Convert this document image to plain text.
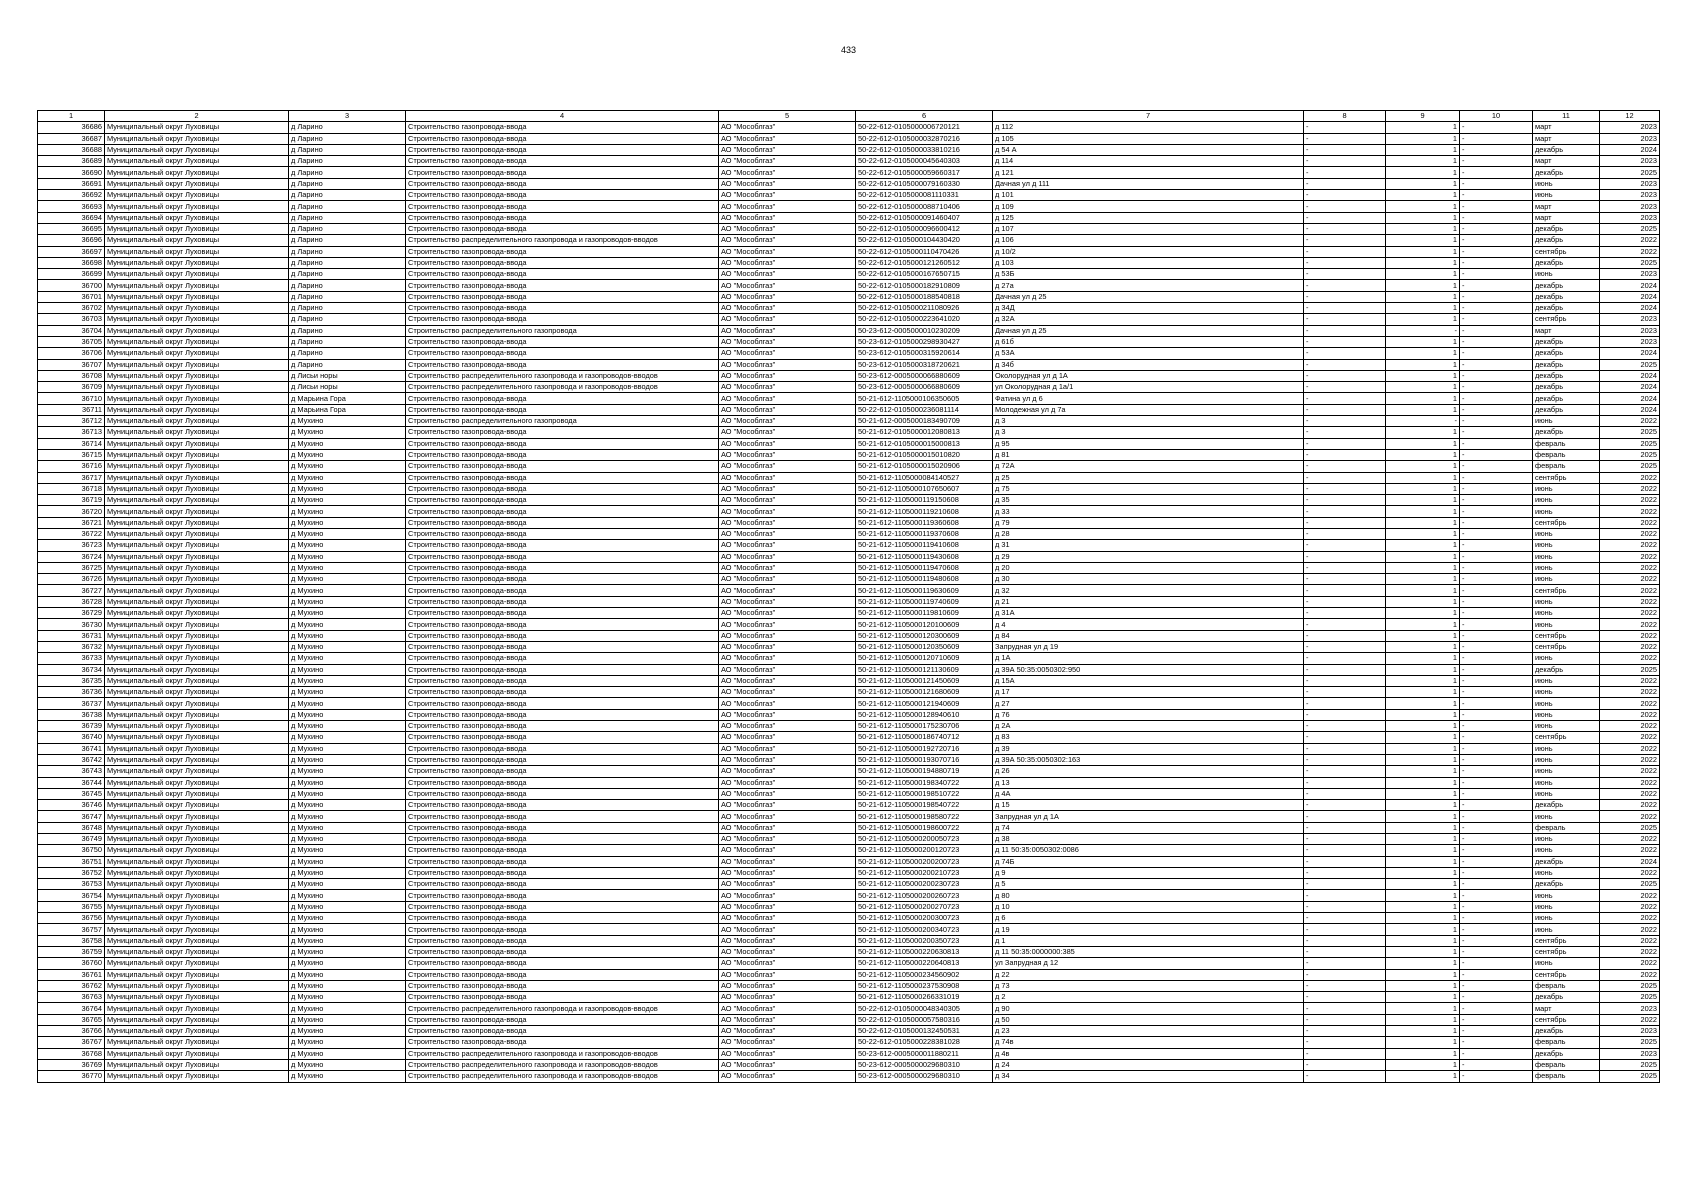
433
1	2	3	4	5	6	7	8	9	10	11	12
36686	Муниципальный округ Луховицы	д Ларино	Строительство газопровода-ввода	АО "Мособлгаз"	50-22-612-0105000006720121	д 112	-	1	-	март	2023
36687	Муниципальный округ Луховицы	д Ларино	Строительство газопровода-ввода	АО "Мособлгаз"	50-22-612-0105000032870216	д 105	-	1	-	март	2023
36688	Муниципальный округ Луховицы	д Ларино	Строительство газопровода-ввода	АО "Мособлгаз"	50-22-612-0105000033810216	д 54 А	-	1	-	декабрь	2024
36689	Муниципальный округ Луховицы	д Ларино	Строительство газопровода-ввода	АО "Мособлгаз"	50-22-612-0105000045640303	д 114	-	1	-	март	2023
36690	Муниципальный округ Луховицы	д Ларино	Строительство газопровода-ввода	АО "Мособлгаз"	50-22-612-0105000059660317	д 121	-	1	-	декабрь	2025
36691	Муниципальный округ Луховицы	д Ларино	Строительство газопровода-ввода	АО "Мособлгаз"	50-22-612-0105000079160330	Дачная ул д 111	-	1	-	июнь	2023
36692	Муниципальный округ Луховицы	д Ларино	Строительство газопровода-ввода	АО "Мособлгаз"	50-22-612-0105000081110331	д 101	-	1	-	июнь	2023
36693	Муниципальный округ Луховицы	д Ларино	Строительство газопровода-ввода	АО "Мособлгаз"	50-22-612-0105000088710406	д 109	-	1	-	март	2023
36694	Муниципальный округ Луховицы	д Ларино	Строительство газопровода-ввода	АО "Мособлгаз"	50-22-612-0105000091460407	д 125	-	1	-	март	2023
36695	Муниципальный округ Луховицы	д Ларино	Строительство газопровода-ввода	АО "Мособлгаз"	50-22-612-0105000096600412	д 107	-	1	-	декабрь	2025
36696	Муниципальный округ Луховицы	д Ларино	Строительство распределительного газопровода и газопроводов-вводов	АО "Мособлгаз"	50-22-612-0105000104430420	д 106	-	1	-	декабрь	2022
36697	Муниципальный округ Луховицы	д Ларино	Строительство газопровода-ввода	АО "Мособлгаз"	50-22-612-0105000110470426	д 10/2	-	1	-	сентябрь	2022
36698	Муниципальный округ Луховицы	д Ларино	Строительство газопровода-ввода	АО "Мособлгаз"	50-22-612-0105000121260512	д 103	-	1	-	декабрь	2025
36699	Муниципальный округ Луховицы	д Ларино	Строительство газопровода-ввода	АО "Мособлгаз"	50-22-612-0105000167650715	д 53Б	-	1	-	июнь	2023
36700	Муниципальный округ Луховицы	д Ларино	Строительство газопровода-ввода	АО "Мособлгаз"	50-22-612-0105000182910809	д 27а	-	1	-	декабрь	2024
36701	Муниципальный округ Луховицы	д Ларино	Строительство газопровода-ввода	АО "Мособлгаз"	50-22-612-0105000188540818	Дачная ул д 25	-	1	-	декабрь	2024
36702	Муниципальный округ Луховицы	д Ларино	Строительство газопровода-ввода	АО "Мособлгаз"	50-22-612-0105000211080926	д 34Д	-	1	-	декабрь	2024
36703	Муниципальный округ Луховицы	д Ларино	Строительство газопровода-ввода	АО "Мособлгаз"	50-22-612-0105000223641020	д 32А	-	1	-	сентябрь	2023
36704	Муниципальный округ Луховицы	д Ларино	Строительство распределительного газопровода	АО "Мособлгаз"	50-23-612-0005000010230209	Дачная ул д 25	-	-	-	март	2023
36705	Муниципальный округ Луховицы	д Ларино	Строительство газопровода-ввода	АО "Мособлгаз"	50-23-612-0105000298930427	д 61б	-	1	-	декабрь	2023
36706	Муниципальный округ Луховицы	д Ларино	Строительство газопровода-ввода	АО "Мособлгаз"	50-23-612-0105000315920614	д 53А	-	1	-	декабрь	2024
36707	Муниципальный округ Луховицы	д Ларино	Строительство газопровода-ввода	АО "Мособлгаз"	50-23-612-0105000318720621	д 34б	-	1	-	декабрь	2025
36708	Муниципальный округ Луховицы	д Лисьи норы	Строительство распределительного газопровода и газопроводов-вводов	АО "Мособлгаз"	50-23-612-0005000066880609	Околорудная ул д 1А	-	1	-	декабрь	2024
36709	Муниципальный округ Луховицы	д Лисьи норы	Строительство распределительного газопровода и газопроводов-вводов	АО "Мособлгаз"	50-23-612-0005000066880609	ул Околорудная д 1а/1	-	1	-	декабрь	2024
36710	Муниципальный округ Луховицы	д Марьина Гора	Строительство газопровода-ввода	АО "Мособлгаз"	50-21-612-1105000106350605	Фатина ул д 6	-	1	-	декабрь	2024
36711	Муниципальный округ Луховицы	д Марьина Гора	Строительство газопровода-ввода	АО "Мособлгаз"	50-22-612-0105000236081114	Молодежная ул д 7а	-	1	-	декабрь	2024
36712	Муниципальный округ Луховицы	д Мухино	Строительство распределительного газопровода	АО "Мособлгаз"	50-21-612-0005000183490709	д 3	-	-	-	июнь	2022
36713	Муниципальный округ Луховицы	д Мухино	Строительство газопровода-ввода	АО "Мособлгаз"	50-21-612-0105000012080813	д 3	-	1	-	декабрь	2025
36714	Муниципальный округ Луховицы	д Мухино	Строительство газопровода-ввода	АО "Мособлгаз"	50-21-612-0105000015000813	д 95	-	1	-	февраль	2025
36715	Муниципальный округ Луховицы	д Мухино	Строительство газопровода-ввода	АО "Мособлгаз"	50-21-612-0105000015010820	д 81	-	1	-	февраль	2025
36716	Муниципальный округ Луховицы	д Мухино	Строительство газопровода-ввода	АО "Мособлгаз"	50-21-612-0105000015020906	д 72А	-	1	-	февраль	2025
36717	Муниципальный округ Луховицы	д Мухино	Строительство газопровода-ввода	АО "Мособлгаз"	50-21-612-1105000084140527	д 25	-	1	-	сентябрь	2022
36718	Муниципальный округ Луховицы	д Мухино	Строительство газопровода-ввода	АО "Мособлгаз"	50-21-612-1105000107650607	д 75	-	1	-	июнь	2022
36719	Муниципальный округ Луховицы	д Мухино	Строительство газопровода-ввода	АО "Мособлгаз"	50-21-612-1105000119150608	д 35	-	1	-	июнь	2022
36720	Муниципальный округ Луховицы	д Мухино	Строительство газопровода-ввода	АО "Мособлгаз"	50-21-612-1105000119210608	д 33	-	1	-	июнь	2022
36721	Муниципальный округ Луховицы	д Мухино	Строительство газопровода-ввода	АО "Мособлгаз"	50-21-612-1105000119360608	д 79	-	1	-	сентябрь	2022
36722	Муниципальный округ Луховицы	д Мухино	Строительство газопровода-ввода	АО "Мособлгаз"	50-21-612-1105000119370608	д 28	-	1	-	июнь	2022
36723	Муниципальный округ Луховицы	д Мухино	Строительство газопровода-ввода	АО "Мособлгаз"	50-21-612-1105000119410608	д 31	-	1	-	июнь	2022
36724	Муниципальный округ Луховицы	д Мухино	Строительство газопровода-ввода	АО "Мособлгаз"	50-21-612-1105000119430608	д 29	-	1	-	июнь	2022
36725	Муниципальный округ Луховицы	д Мухино	Строительство газопровода-ввода	АО "Мособлгаз"	50-21-612-1105000119470608	д 20	-	1	-	июнь	2022
36726	Муниципальный округ Луховицы	д Мухино	Строительство газопровода-ввода	АО "Мособлгаз"	50-21-612-1105000119480608	д 30	-	1	-	июнь	2022
36727	Муниципальный округ Луховицы	д Мухино	Строительство газопровода-ввода	АО "Мособлгаз"	50-21-612-1105000119630609	д 32	-	1	-	сентябрь	2022
36728	Муниципальный округ Луховицы	д Мухино	Строительство газопровода-ввода	АО "Мособлгаз"	50-21-612-1105000119740609	д 21	-	1	-	июнь	2022
36729	Муниципальный округ Луховицы	д Мухино	Строительство газопровода-ввода	АО "Мособлгаз"	50-21-612-1105000119810609	д 31А	-	1	-	июнь	2022
36730	Муниципальный округ Луховицы	д Мухино	Строительство газопровода-ввода	АО "Мособлгаз"	50-21-612-1105000120100609	д 4	-	1	-	июнь	2022
36731	Муниципальный округ Луховицы	д Мухино	Строительство газопровода-ввода	АО "Мособлгаз"	50-21-612-1105000120300609	д 84	-	1	-	сентябрь	2022
36732	Муниципальный округ Луховицы	д Мухино	Строительство газопровода-ввода	АО "Мособлгаз"	50-21-612-1105000120350609	Запрудная ул д 19	-	1	-	сентябрь	2022
36733	Муниципальный округ Луховицы	д Мухино	Строительство газопровода-ввода	АО "Мособлгаз"	50-21-612-1105000120710609	д 1А	-	1	-	июнь	2022
36734	Муниципальный округ Луховицы	д Мухино	Строительство газопровода-ввода	АО "Мособлгаз"	50-21-612-1105000121130609	д 39А 50:35:0050302:950	-	1	-	декабрь	2025
36735	Муниципальный округ Луховицы	д Мухино	Строительство газопровода-ввода	АО "Мособлгаз"	50-21-612-1105000121450609	д 15А	-	1	-	июнь	2022
36736	Муниципальный округ Луховицы	д Мухино	Строительство газопровода-ввода	АО "Мособлгаз"	50-21-612-1105000121680609	д 17	-	1	-	июнь	2022
36737	Муниципальный округ Луховицы	д Мухино	Строительство газопровода-ввода	АО "Мособлгаз"	50-21-612-1105000121940609	д 27	-	1	-	июнь	2022
36738	Муниципальный округ Луховицы	д Мухино	Строительство газопровода-ввода	АО "Мособлгаз"	50-21-612-1105000128940610	д 76	-	1	-	июнь	2022
36739	Муниципальный округ Луховицы	д Мухино	Строительство газопровода-ввода	АО "Мособлгаз"	50-21-612-1105000175230706	д 2А	-	1	-	июнь	2022
36740	Муниципальный округ Луховицы	д Мухино	Строительство газопровода-ввода	АО "Мособлгаз"	50-21-612-1105000186740712	д 83	-	1	-	сентябрь	2022
36741	Муниципальный округ Луховицы	д Мухино	Строительство газопровода-ввода	АО "Мособлгаз"	50-21-612-1105000192720716	д 39	-	1	-	июнь	2022
36742	Муниципальный округ Луховицы	д Мухино	Строительство газопровода-ввода	АО "Мособлгаз"	50-21-612-1105000193070716	д 39А 50:35:0050302:163	-	1	-	июнь	2022
36743	Муниципальный округ Луховицы	д Мухино	Строительство газопровода-ввода	АО "Мособлгаз"	50-21-612-1105000194880719	д 26	-	1	-	июнь	2022
36744	Муниципальный округ Луховицы	д Мухино	Строительство газопровода-ввода	АО "Мособлгаз"	50-21-612-1105000198340722	д 13	-	1	-	июнь	2022
36745	Муниципальный округ Луховицы	д Мухино	Строительство газопровода-ввода	АО "Мособлгаз"	50-21-612-1105000198510722	д 4А	-	1	-	июнь	2022
36746	Муниципальный округ Луховицы	д Мухино	Строительство газопровода-ввода	АО "Мособлгаз"	50-21-612-1105000198540722	д 15	-	1	-	декабрь	2022
36747	Муниципальный округ Луховицы	д Мухино	Строительство газопровода-ввода	АО "Мособлгаз"	50-21-612-1105000198580722	Запрудная ул д 1А	-	1	-	июнь	2022
36748	Муниципальный округ Луховицы	д Мухино	Строительство газопровода-ввода	АО "Мособлгаз"	50-21-612-1105000198600722	д 74	-	1	-	февраль	2025
36749	Муниципальный округ Луховицы	д Мухино	Строительство газопровода-ввода	АО "Мособлгаз"	50-21-612-1105000200050723	д 38	-	1	-	июнь	2022
36750	Муниципальный округ Луховицы	д Мухино	Строительство газопровода-ввода	АО "Мособлгаз"	50-21-612-1105000200120723	д 11 50:35:0050302:0086	-	1	-	июнь	2022
36751	Муниципальный округ Луховицы	д Мухино	Строительство газопровода-ввода	АО "Мособлгаз"	50-21-612-1105000200200723	д 74Б	-	1	-	декабрь	2024
36752	Муниципальный округ Луховицы	д Мухино	Строительство газопровода-ввода	АО "Мособлгаз"	50-21-612-1105000200210723	д 9	-	1	-	июнь	2022
36753	Муниципальный округ Луховицы	д Мухино	Строительство газопровода-ввода	АО "Мособлгаз"	50-21-612-1105000200230723	д 5	-	1	-	декабрь	2025
36754	Муниципальный округ Луховицы	д Мухино	Строительство газопровода-ввода	АО "Мособлгаз"	50-21-612-1105000200260723	д 80	-	1	-	июнь	2022
36755	Муниципальный округ Луховицы	д Мухино	Строительство газопровода-ввода	АО "Мособлгаз"	50-21-612-1105000200270723	д 10	-	1	-	июнь	2022
36756	Муниципальный округ Луховицы	д Мухино	Строительство газопровода-ввода	АО "Мособлгаз"	50-21-612-1105000200300723	д 6	-	1	-	июнь	2022
36757	Муниципальный округ Луховицы	д Мухино	Строительство газопровода-ввода	АО "Мособлгаз"	50-21-612-1105000200340723	д 19	-	1	-	июнь	2022
36758	Муниципальный округ Луховицы	д Мухино	Строительство газопровода-ввода	АО "Мособлгаз"	50-21-612-1105000200350723	д 1	-	1	-	сентябрь	2022
36759	Муниципальный округ Луховицы	д Мухино	Строительство газопровода-ввода	АО "Мособлгаз"	50-21-612-1105000220630813	д 11 50:35:0000000:385	-	1	-	сентябрь	2022
36760	Муниципальный округ Луховицы	д Мухино	Строительство газопровода-ввода	АО "Мособлгаз"	50-21-612-1105000220640813	ул Запрудная д 12	-	1	-	июнь	2022
36761	Муниципальный округ Луховицы	д Мухино	Строительство газопровода-ввода	АО "Мособлгаз"	50-21-612-1105000234560902	д 22	-	1	-	сентябрь	2022
36762	Муниципальный округ Луховицы	д Мухино	Строительство газопровода-ввода	АО "Мособлгаз"	50-21-612-1105000237530908	д 73	-	1	-	февраль	2025
36763	Муниципальный округ Луховицы	д Мухино	Строительство газопровода-ввода	АО "Мособлгаз"	50-21-612-1105000266331019	д 2	-	1	-	декабрь	2025
36764	Муниципальный округ Луховицы	д Мухино	Строительство распределительного газопровода и газопроводов-вводов	АО "Мособлгаз"	50-22-612-0105000048340305	д 90	-	1	-	март	2023
36765	Муниципальный округ Луховицы	д Мухино	Строительство газопровода-ввода	АО "Мособлгаз"	50-22-612-0105000057580316	д 50	-	1	-	сентябрь	2022
36766	Муниципальный округ Луховицы	д Мухино	Строительство газопровода-ввода	АО "Мособлгаз"	50-22-612-0105000132450531	д 23	-	1	-	декабрь	2023
36767	Муниципальный округ Луховицы	д Мухино	Строительство газопровода-ввода	АО "Мособлгаз"	50-22-612-0105000228381028	д 74в	-	1	-	февраль	2025
36768	Муниципальный округ Луховицы	д Мухино	Строительство распределительного газопровода и газопроводов-вводов	АО "Мособлгаз"	50-23-612-0005000011880211	д 4в	-	1	-	декабрь	2023
36769	Муниципальный округ Луховицы	д Мухино	Строительство распределительного газопровода и газопроводов-вводов	АО "Мособлгаз"	50-23-612-0005000029680310	д 24	-	1	-	февраль	2025
36770	Муниципальный округ Луховицы	д Мухино	Строительство распределительного газопровода и газопроводов-вводов	АО "Мособлгаз"	50-23-612-0005000029680310	д 34	-	1	-	февраль	2025
